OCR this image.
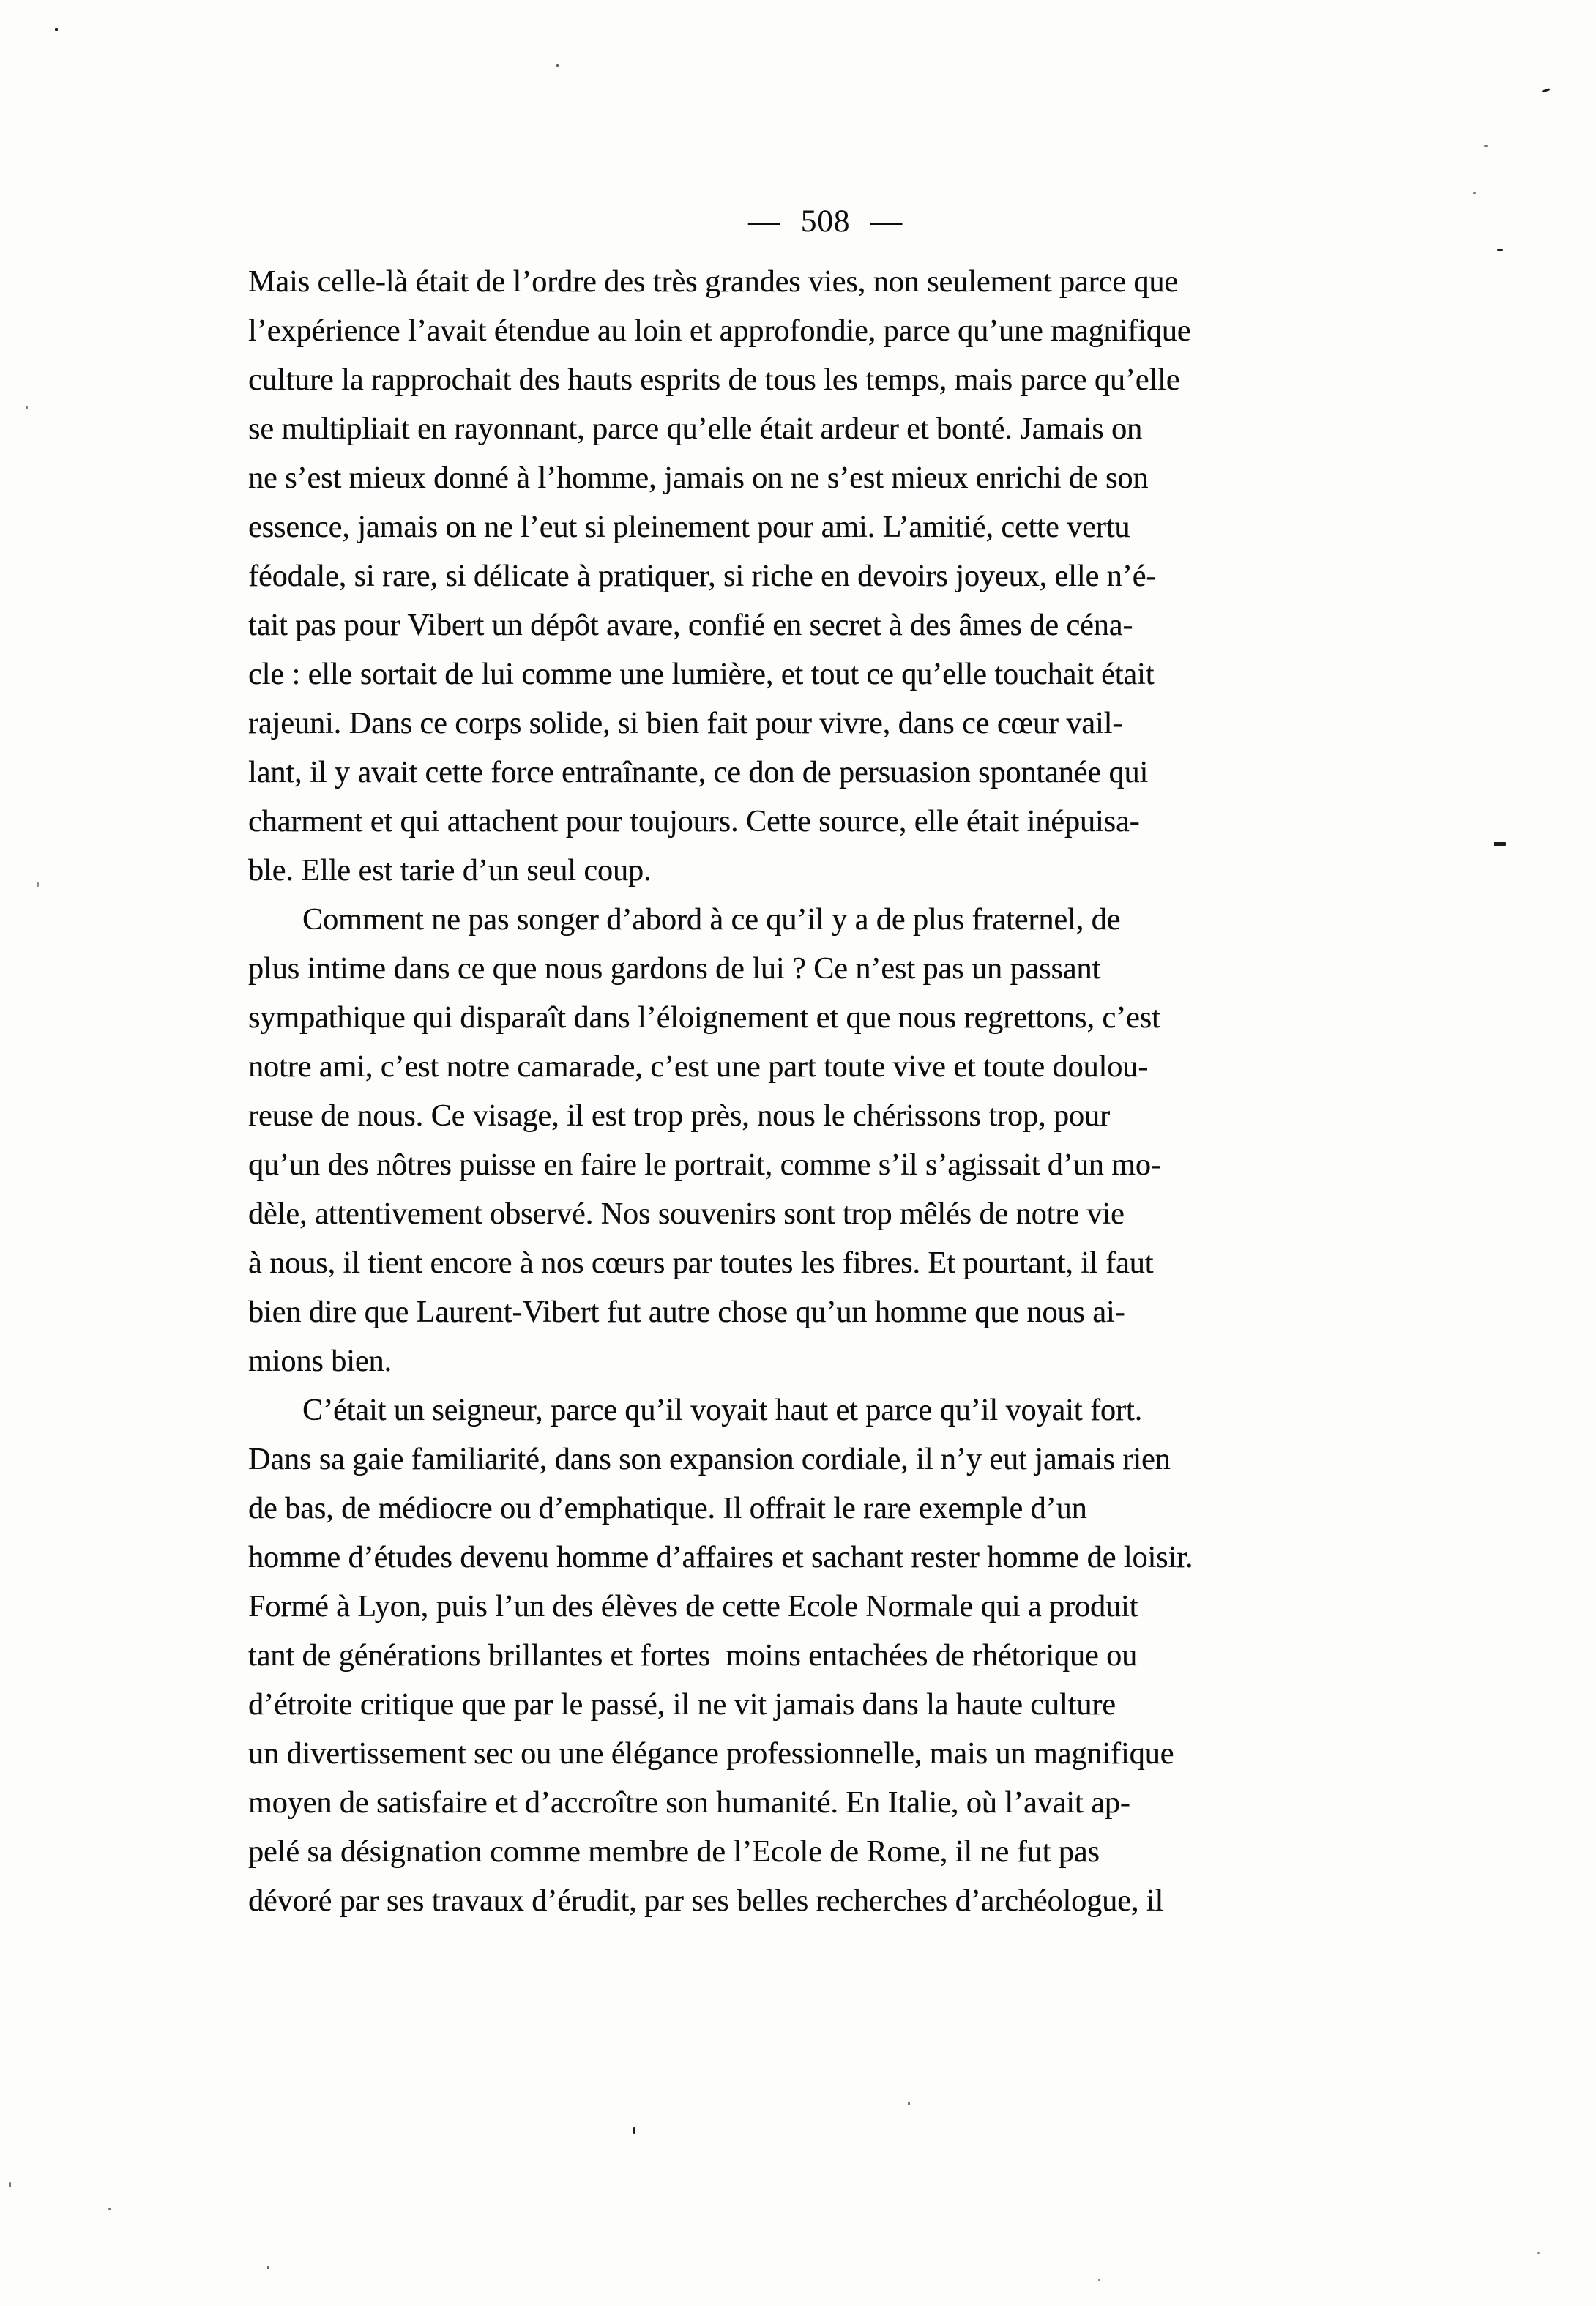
— 508 —
Mais celle-là était de l’ordre des très grandes vies, non seulement parce que
l’expérience l’avait étendue au loin et approfondie, parce qu’une magnifique
culture la rapprochait des hauts esprits de tous les temps, mais parce qu’elle
se multipliait en rayonnant, parce qu’elle était ardeur et bonté. Jamais on
ne s’est mieux donné à l’homme, jamais on ne s’est mieux enrichi de son
essence, jamais on ne l’eut si pleinement pour ami. L’amitié, cette vertu
féodale, si rare, si délicate à pratiquer, si riche en devoirs joyeux, elle n’é-
tait pas pour Vibert un dépôt avare, confié en secret à des âmes de céna-
cle : elle sortait de lui comme une lumière, et tout ce qu’elle touchait était
rajeuni. Dans ce corps solide, si bien fait pour vivre, dans ce cœur vail-
lant, il y avait cette force entraînante, ce don de persuasion spontanée qui
charment et qui attachent pour toujours. Cette source, elle était inépuisa-
ble. Elle est tarie d’un seul coup.
Comment ne pas songer d’abord à ce qu’il y a de plus fraternel, de
plus intime dans ce que nous gardons de lui ? Ce n’est pas un passant
sympathique qui disparaît dans l’éloignement et que nous regrettons, c’est
notre ami, c’est notre camarade, c’est une part toute vive et toute doulou-
reuse de nous. Ce visage, il est trop près, nous le chérissons trop, pour
qu’un des nôtres puisse en faire le portrait, comme s’il s’agissait d’un mo-
dèle, attentivement observé. Nos souvenirs sont trop mêlés de notre vie
à nous, il tient encore à nos cœurs par toutes les fibres. Et pourtant, il faut
bien dire que Laurent-Vibert fut autre chose qu’un homme que nous ai-
mions bien.
C’était un seigneur, parce qu’il voyait haut et parce qu’il voyait fort.
Dans sa gaie familiarité, dans son expansion cordiale, il n’y eut jamais rien
de bas, de médiocre ou d’emphatique. Il offrait le rare exemple d’un
homme d’études devenu homme d’affaires et sachant rester homme de loisir.
Formé à Lyon, puis l’un des élèves de cette Ecole Normale qui a produit
tant de générations brillantes et fortes  moins entachées de rhétorique ou
d’étroite critique que par le passé, il ne vit jamais dans la haute culture
un divertissement sec ou une élégance professionnelle, mais un magnifique
moyen de satisfaire et d’accroître son humanité. En Italie, où l’avait ap-
pelé sa désignation comme membre de l’Ecole de Rome, il ne fut pas
dévoré par ses travaux d’érudit, par ses belles recherches d’archéologue, il
